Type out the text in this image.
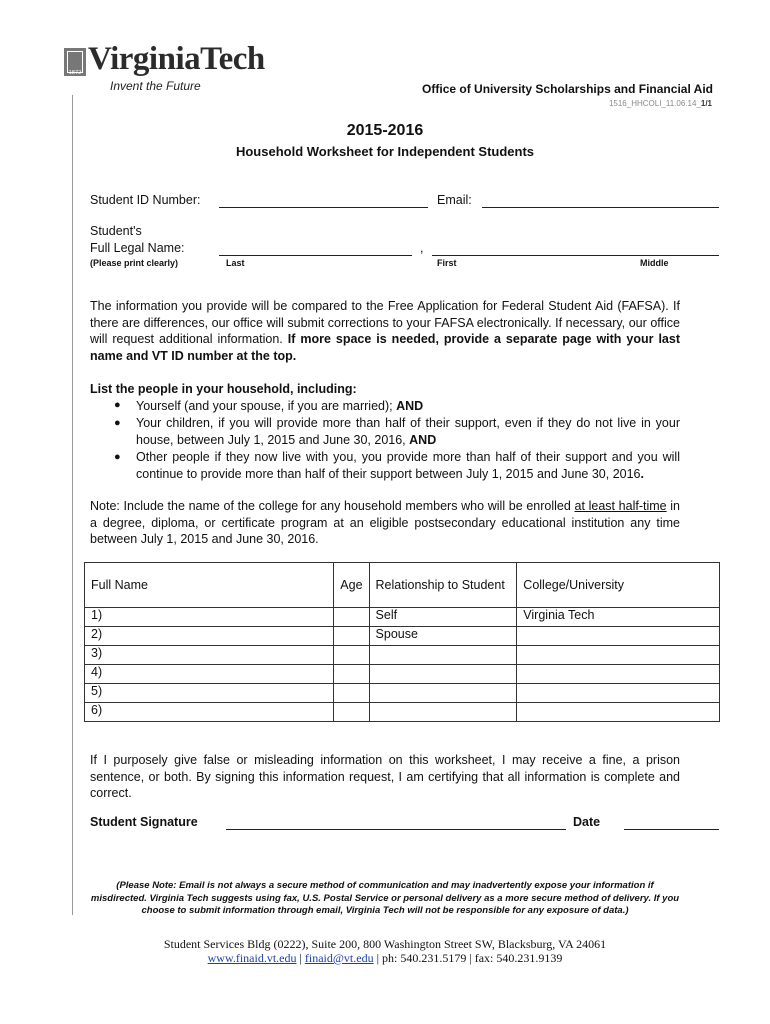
1872 VirginiaTech
Invent the Future	Office of University Scholarships and Financial Aid
1516_HHCOLI_11.06.14_1/1
2015-2016
Household Worksheet for Independent Students
Student ID Number:	Email:
Student's
Full Legal Name:
(Please print clearly)
,
Last	First	Middle
The information you provide will be compared to the Free Application for Federal Student Aid (FAFSA). If there are differences, our office will submit corrections to your FAFSA electronically. If necessary, our office will request additional information. If more space is needed, provide a separate page with your last name and VT ID number at the top.
List the people in your household, including:
● Yourself (and your spouse, if you are married); AND
● Your children, if you will provide more than half of their support, even if they do not live in your house, between July 1, 2015 and June 30, 2016, AND
● Other people if they now live with you, you provide more than half of their support and you will continue to provide more than half of their support between July 1, 2015 and June 30, 2016.
Note: Include the name of the college for any household members who will be enrolled at least half-time in a degree, diploma, or certificate program at an eligible postsecondary educational institution any time between July 1, 2015 and June 30, 2016.
Full Name	Age	Relationship to Student	College/University
1)		Self	Virginia Tech
2)		Spouse	
3)			
4)			
5)			
6)			
If I purposely give false or misleading information on this worksheet, I may receive a fine, a prison sentence, or both. By signing this information request, I am certifying that all information is complete and correct.
Student Signature	Date
(Please Note: Email is not always a secure method of communication and may inadvertently expose your information if misdirected. Virginia Tech suggests using fax, U.S. Postal Service or personal delivery as a more secure method of delivery. If you choose to submit information through email, Virginia Tech will not be responsible for any exposure of data.)
Student Services Bldg (0222), Suite 200, 800 Washington Street SW, Blacksburg, VA 24061
www.finaid.vt.edu | finaid@vt.edu | ph: 540.231.5179 | fax: 540.231.9139
